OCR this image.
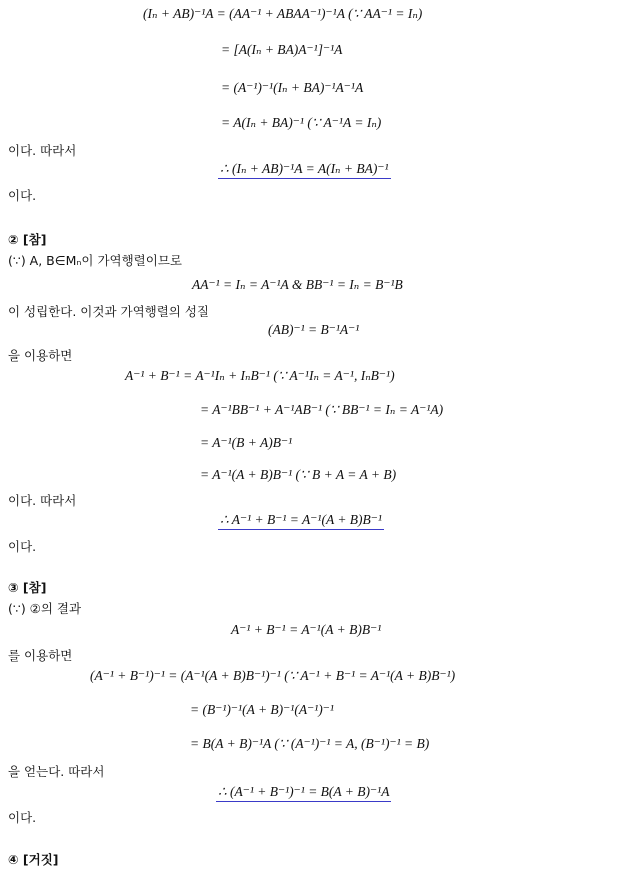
(Iₙ + AB)⁻¹A = (AA⁻¹ + ABAA⁻¹)⁻¹A (∵ AA⁻¹ = Iₙ)
= [A(Iₙ + BA)A⁻¹]⁻¹A
= (A⁻¹)⁻¹(Iₙ + BA)⁻¹A⁻¹A
= A(Iₙ + BA)⁻¹ (∵ A⁻¹A = Iₙ)
이다. 따라서
∴ (Iₙ + AB)⁻¹A = A(Iₙ + BA)⁻¹
이다.
② [참]
(∵) A, B∈Mₙ이 가역행렬이므로
AA⁻¹ = Iₙ = A⁻¹A & BB⁻¹ = Iₙ = B⁻¹B
이 성립한다. 이것과 가역행렬의 성질
(AB)⁻¹ = B⁻¹A⁻¹
을 이용하면
A⁻¹ + B⁻¹ = A⁻¹Iₙ + IₙB⁻¹ (∵ A⁻¹Iₙ = A⁻¹, IₙB⁻¹)
= A⁻¹BB⁻¹ + A⁻¹AB⁻¹ (∵ BB⁻¹ = Iₙ = A⁻¹A)
= A⁻¹(B + A)B⁻¹
= A⁻¹(A + B)B⁻¹ (∵ B + A = A + B)
이다. 따라서
∴ A⁻¹ + B⁻¹ = A⁻¹(A + B)B⁻¹
이다.
③ [참]
(∵) ②의 결과
A⁻¹ + B⁻¹ = A⁻¹(A + B)B⁻¹
를 이용하면
(A⁻¹ + B⁻¹)⁻¹ = (A⁻¹(A + B)B⁻¹)⁻¹ (∵ A⁻¹ + B⁻¹ = A⁻¹(A + B)B⁻¹)
= (B⁻¹)⁻¹(A + B)⁻¹(A⁻¹)⁻¹
= B(A + B)⁻¹A (∵ (A⁻¹)⁻¹ = A, (B⁻¹)⁻¹ = B)
을 얻는다. 따라서
∴ (A⁻¹ + B⁻¹)⁻¹ = B(A + B)⁻¹A
이다.
④ [거짓]
